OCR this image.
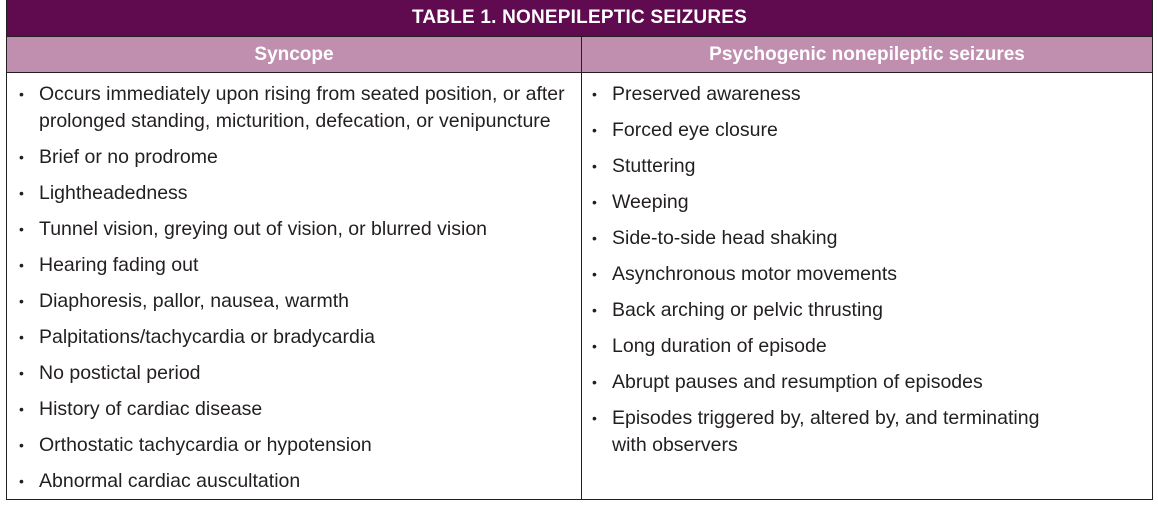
TABLE 1. NONEPILEPTIC SEIZURES
Syncope	Psychogenic nonepileptic seizures
• Occurs immediately upon rising from seated position, or after prolonged standing, micturition, defecation, or venipuncture
• Brief or no prodrome
• Lightheadedness
• Tunnel vision, greying out of vision, or blurred vision
• Hearing fading out
• Diaphoresis, pallor, nausea, warmth
• Palpitations/tachycardia or bradycardia
• No postictal period
• History of cardiac disease
• Orthostatic tachycardia or hypotension
• Abnormal cardiac auscultation
• Preserved awareness
• Forced eye closure
• Stuttering
• Weeping
• Side-to-side head shaking
• Asynchronous motor movements
• Back arching or pelvic thrusting
• Long duration of episode
• Abrupt pauses and resumption of episodes
• Episodes triggered by, altered by, and terminating with observers
